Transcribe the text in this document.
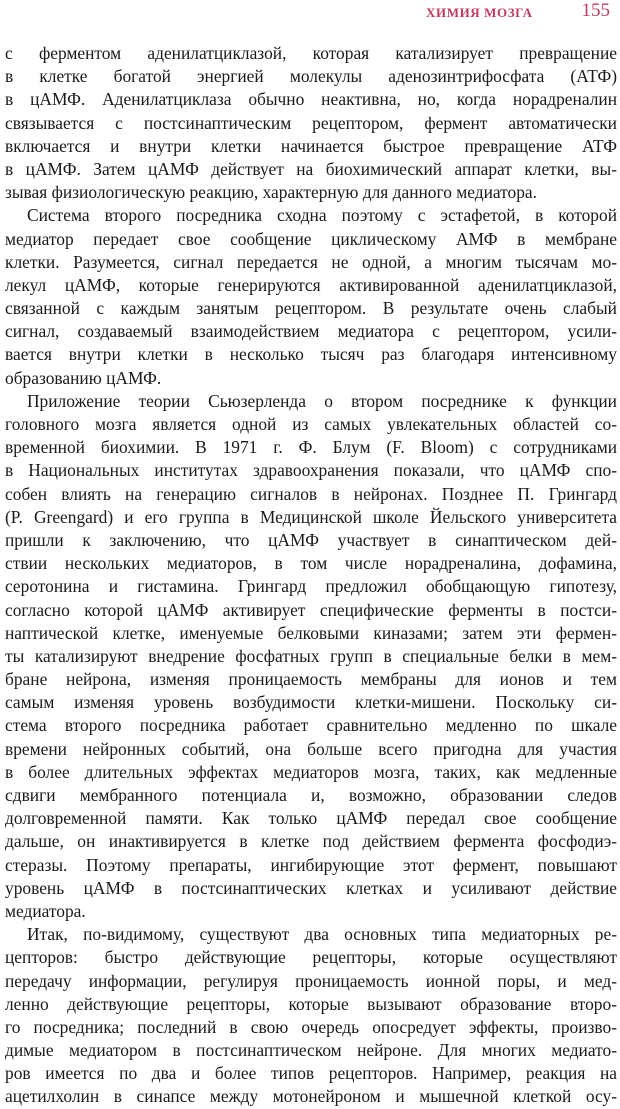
ХИМИЯ МОЗГА	155
с ферментом аденилатциклазой, которая катализирует превращение
в клетке богатой энергией молекулы аденозинтрифосфата (АТФ)
в цАМФ. Аденилатциклаза обычно неактивна, но, когда норадреналин
связывается с постсинаптическим рецептором, фермент автоматически
включается и внутри клетки начинается быстрое превращение АТФ
в цАМФ. Затем цАМФ действует на биохимический аппарат клетки, вы-
зывая физиологическую реакцию, характерную для данного медиатора.
Система второго посредника сходна поэтому с эстафетой, в которой
медиатор передает свое сообщение циклическому АМФ в мембране
клетки. Разумеется, сигнал передается не одной, а многим тысячам мо-
лекул цАМФ, которые генерируются активированной аденилатциклазой,
связанной с каждым занятым рецептором. В результате очень слабый
сигнал, создаваемый взаимодействием медиатора с рецептором, усили-
вается внутри клетки в несколько тысяч раз благодаря интенсивному
образованию цАМФ.
Приложение теории Сьюзерленда о втором посреднике к функции
головного мозга является одной из самых увлекательных областей со-
временной биохимии. В 1971 г. Ф. Блум (F. Bloom) с сотрудниками
в Национальных институтах здравоохранения показали, что цАМФ спо-
собен влиять на генерацию сигналов в нейронах. Позднее П. Грингард
(P. Greengard) и его группа в Медицинской школе Йельского университета
пришли к заключению, что цАМФ участвует в синаптическом дей-
ствии нескольких медиаторов, в том числе норадреналина, дофамина,
серотонина и гистамина. Грингард предложил обобщающую гипотезу,
согласно которой цАМФ активирует специфические ферменты в постси-
наптической клетке, именуемые белковыми киназами; затем эти фермен-
ты катализируют внедрение фосфатных групп в специальные белки в мем-
бране нейрона, изменяя проницаемость мембраны для ионов и тем
самым изменяя уровень возбудимости клетки-мишени. Поскольку си-
стема второго посредника работает сравнительно медленно по шкале
времени нейронных событий, она больше всего пригодна для участия
в более длительных эффектах медиаторов мозга, таких, как медленные
сдвиги мембранного потенциала и, возможно, образовании следов
долговременной памяти. Как только цАМФ передал свое сообщение
дальше, он инактивируется в клетке под действием фермента фосфодиэ-
стеразы. Поэтому препараты, ингибирующие этот фермент, повышают
уровень цАМФ в постсинаптических клетках и усиливают действие
медиатора.
Итак, по-видимому, существуют два основных типа медиаторных ре-
цепторов: быстро действующие рецепторы, которые осуществляют
передачу информации, регулируя проницаемость ионной поры, и мед-
ленно действующие рецепторы, которые вызывают образование второ-
го посредника; последний в свою очередь опосредует эффекты, произво-
димые медиатором в постсинаптическом нейроне. Для многих медиато-
ров имеется по два и более типов рецепторов. Например, реакция на
ацетилхолин в синапсе между мотонейроном и мышечной клеткой осу-
